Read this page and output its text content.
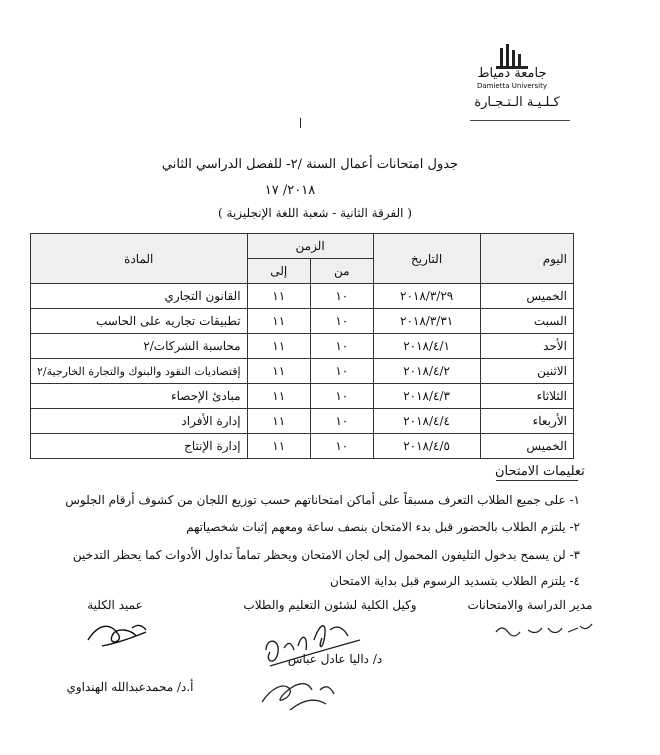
جامعة دمياط
Damietta University
كـلـيـة الـتـجـارة
جدول امتحانات أعمال السنة /٢- للفصل الدراسي الثاني
٢٠١٨/ ١٧
( الفرقة الثانية - شعبة اللغة الإنجليزية )
اليوم	التاريخ	الزمن		المادة
		من	إلى	
الخميس	٢٠١٨/٣/٢٩	١٠	١١	القانون التجاري
السبت	٢٠١٨/٣/٣١	١٠	١١	تطبيقات تجاريه على الحاسب
الأحد	٢٠١٨/٤/١	١٠	١١	محاسبة الشركات/٢
الاثنين	٢٠١٨/٤/٢	١٠	١١	إقتصاديات النقود والبنوك والتجارة الخارجية/٢
الثلاثاء	٢٠١٨/٤/٣	١٠	١١	مبادئ الإحصاء
الأربعاء	٢٠١٨/٤/٤	١٠	١١	إدارة الأفراد
الخميس	٢٠١٨/٤/٥	١٠	١١	إدارة الإنتاج
تعليمات الامتحان
١- على جميع الطلاب التعرف مسبقاً على أماكن امتحاناتهم حسب توزيع اللجان من كشوف أرقام الجلوس
٢- يلتزم الطلاب بالحضور قبل بدء الامتحان بنصف ساعة ومعهم إثبات شخصياتهم
٣- لن يسمح بدخول التليفون المحمول إلى لجان الامتحان ويحظر تماماً تداول الأدوات كما يحظر التدخين
٤- يلتزم الطلاب بتسديد الرسوم قبل بداية الامتحان
مدير الدراسة والامتحانات
وكيل الكلية لشئون التعليم والطلاب
عميد الكلية
أ.د/ محمدعبدالله الهنداوي
د/ داليا عادل عباس
